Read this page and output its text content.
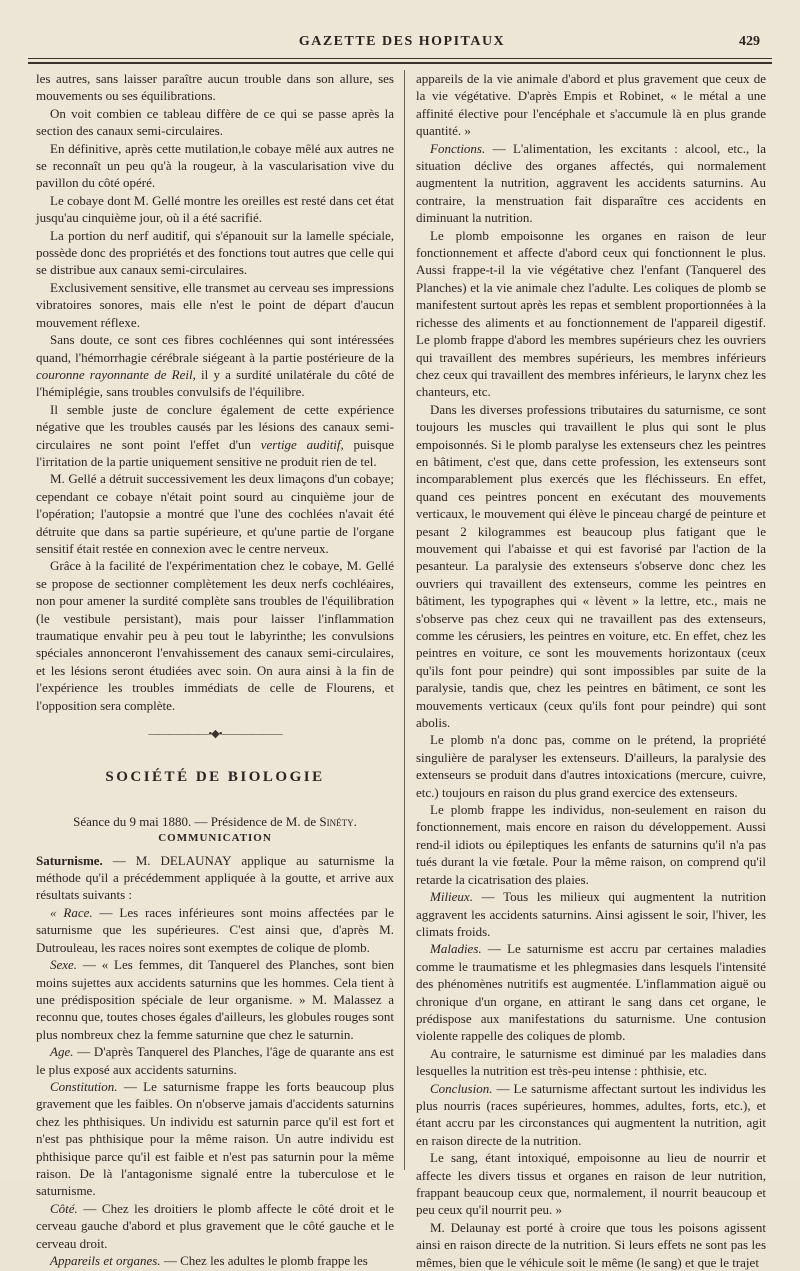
GAZETTE DES HOPITAUX	429

les autres, sans laisser paraître aucun trouble dans son allure, ses mouvements ou ses équilibrations.

On voit combien ce tableau diffère de ce qui se passe après la section des canaux semi-circulaires.

En définitive, après cette mutilation,le cobaye mêlé aux autres ne se reconnaît un peu qu'à la rougeur, à la vascularisation vive du pavillon du côté opéré.

Le cobaye dont M. Gellé montre les oreilles est resté dans cet état jusqu'au cinquième jour, où il a été sacrifié.

La portion du nerf auditif, qui s'épanouit sur la lamelle spéciale, possède donc des propriétés et des fonctions tout autres que celle qui se distribue aux canaux semi-circulaires.

Exclusivement sensitive, elle transmet au cerveau ses impressions vibratoires sonores, mais elle n'est le point de départ d'aucun mouvement réflexe.

Sans doute, ce sont ces fibres cochléennes qui sont intéressées quand, l'hémorrhagie cérébrale siégeant à la partie postérieure de la couronne rayonnante de Reil, il y a surdité unilatérale du côté de l'hémiplégie, sans troubles convulsifs de l'équilibre.

Il semble juste de conclure également de cette expérience négative que les troubles causés par les lésions des canaux semi-circulaires ne sont point l'effet d'un vertige auditif, puisque l'irritation de la partie uniquement sensitive ne produit rien de tel.

M. Gellé a détruit successivement les deux limaçons d'un cobaye; cependant ce cobaye n'était point sourd au cinquième jour de l'opération; l'autopsie a montré que l'une des cochlées n'avait été détruite que dans sa partie supérieure, et qu'une partie de l'organe sensitif était restée en connexion avec le centre nerveux.

Grâce à la facilité de l'expérimentation chez le cobaye, M. Gellé se propose de sectionner complètement les deux nerfs cochléaires, non pour amener la surdité complète sans troubles de l'équilibration (le vestibule persistant), mais pour laisser l'inflammation traumatique envahir peu à peu tout le labyrinthe; les convulsions spéciales annonceront l'envahissement des canaux semi-circulaires, et les lésions seront étudiées avec soin. On aura ainsi à la fin de l'expérience les troubles immédiats de celle de Flourens, et l'opposition sera complète.

——————•◆•——————
SOCIÉTÉ DE BIOLOGIE

Séance du 9 mai 1880. — Présidence de M. de Sinéty.

COMMUNICATION

Saturnisme. — M. DELAUNAY applique au saturnisme la méthode qu'il a précédemment appliquée à la goutte, et arrive aux résultats suivants :

« Race. — Les races inférieures sont moins affectées par le saturnisme que les supérieures. C'est ainsi que, d'après M. Dutrouleau, les races noires sont exemptes de colique de plomb.

Sexe. — « Les femmes, dit Tanquerel des Planches, sont bien moins sujettes aux accidents saturnins que les hommes. Cela tient à une prédisposition spéciale de leur organisme. » M. Malassez a reconnu que, toutes choses égales d'ailleurs, les globules rouges sont plus nombreux chez la femme saturnine que chez le saturnin.

Age. — D'après Tanquerel des Planches, l'âge de quarante ans est le plus exposé aux accidents saturnins.

Constitution. — Le saturnisme frappe les forts beaucoup plus gravement que les faibles. On n'observe jamais d'accidents saturnins chez les phthisiques. Un individu est saturnin parce qu'il est fort et n'est pas phthisique pour la même raison. Un autre individu est phthisique parce qu'il est faible et n'est pas saturnin pour la même raison. De là l'antagonisme signalé entre la tuberculose et le saturnisme.

Côté. — Chez les droitiers le plomb affecte le côté droit et le cerveau gauche d'abord et plus gravement que le côté gauche et le cerveau droit.

Appareils et organes. — Chez les adultes le plomb frappe les

appareils de la vie animale d'abord et plus gravement que ceux de la vie végétative. D'après Empis et Robinet, « le métal a une affinité élective pour l'encéphale et s'accumule là en plus grande quantité. »

Fonctions. — L'alimentation, les excitants : alcool, etc., la situation déclive des organes affectés, qui normalement augmentent la nutrition, aggravent les accidents saturnins. Au contraire, la menstruation fait disparaître ces accidents en diminuant la nutrition.

Le plomb empoisonne les organes en raison de leur fonctionnement et affecte d'abord ceux qui fonctionnent le plus. Aussi frappe-t-il la vie végétative chez l'enfant (Tanquerel des Planches) et la vie animale chez l'adulte. Les coliques de plomb se manifestent surtout après les repas et semblent proportionnées à la richesse des aliments et au fonctionnement de l'appareil digestif. Le plomb frappe d'abord les membres supérieurs chez les ouvriers qui travaillent des membres supérieurs, les membres inférieurs chez ceux qui travaillent des membres inférieurs, le larynx chez les chanteurs, etc.

Dans les diverses professions tributaires du saturnisme, ce sont toujours les muscles qui travaillent le plus qui sont le plus empoisonnés. Si le plomb paralyse les extenseurs chez les peintres en bâtiment, c'est que, dans cette profession, les extenseurs sont incomparablement plus exercés que les fléchisseurs. En effet, quand ces peintres poncent en exécutant des mouvements verticaux, le mouvement qui élève le pinceau chargé de peinture et pesant 2 kilogrammes est beaucoup plus fatigant que le mouvement qui l'abaisse et qui est favorisé par l'action de la pesanteur. La paralysie des extenseurs s'observe donc chez les ouvriers qui travaillent des extenseurs, comme les peintres en bâtiment, les typographes qui « lèvent » la lettre, etc., mais ne s'observe pas chez ceux qui ne travaillent pas des extenseurs, comme les cérusiers, les peintres en voiture, etc. En effet, chez les peintres en voiture, ce sont les mouvements horizontaux (ceux qu'ils font pour peindre) qui sont impossibles par suite de la paralysie, tandis que, chez les peintres en bâtiment, ce sont les mouvements verticaux (ceux qu'ils font pour peindre) qui sont abolis.

Le plomb n'a donc pas, comme on le prétend, la propriété singulière de paralyser les extenseurs. D'ailleurs, la paralysie des extenseurs se produit dans d'autres intoxications (mercure, cuivre, etc.) toujours en raison du plus grand exercice des extenseurs.

Le plomb frappe les individus, non-seulement en raison du fonctionnement, mais encore en raison du développement. Aussi rend-il idiots ou épileptiques les enfants de saturnins qu'il n'a pas tués durant la vie fœtale. Pour la même raison, on comprend qu'il retarde la cicatrisation des plaies.

Milieux. — Tous les milieux qui augmentent la nutrition aggravent les accidents saturnins. Ainsi agissent le soir, l'hiver, les climats froids.

Maladies. — Le saturnisme est accru par certaines maladies comme le traumatisme et les phlegmasies dans lesquels l'intensité des phénomènes nutritifs est augmentée. L'inflammation aiguë ou chronique d'un organe, en attirant le sang dans cet organe, le prédispose aux manifestations du saturnisme. Une contusion violente rappelle des coliques de plomb.

Au contraire, le saturnisme est diminué par les maladies dans lesquelles la nutrition est très-peu intense : phthisie, etc.

Conclusion. — Le saturnisme affectant surtout les individus les plus nourris (races supérieures, hommes, adultes, forts, etc.), et étant accru par les circonstances qui augmentent la nutrition, agit en raison directe de la nutrition.

Le sang, étant intoxiqué, empoisonne au lieu de nourrir et affecte les divers tissus et organes en raison de leur nutrition, frappant beaucoup ceux que, normalement, il nourrit beaucoup et peu ceux qu'il nourrit peu. »

M. Delaunay est porté à croire que tous les poisons agissent ainsi en raison directe de la nutrition. Si leurs effets ne sont pas les mêmes, bien que le véhicule soit le même (le sang) et que le trajet
